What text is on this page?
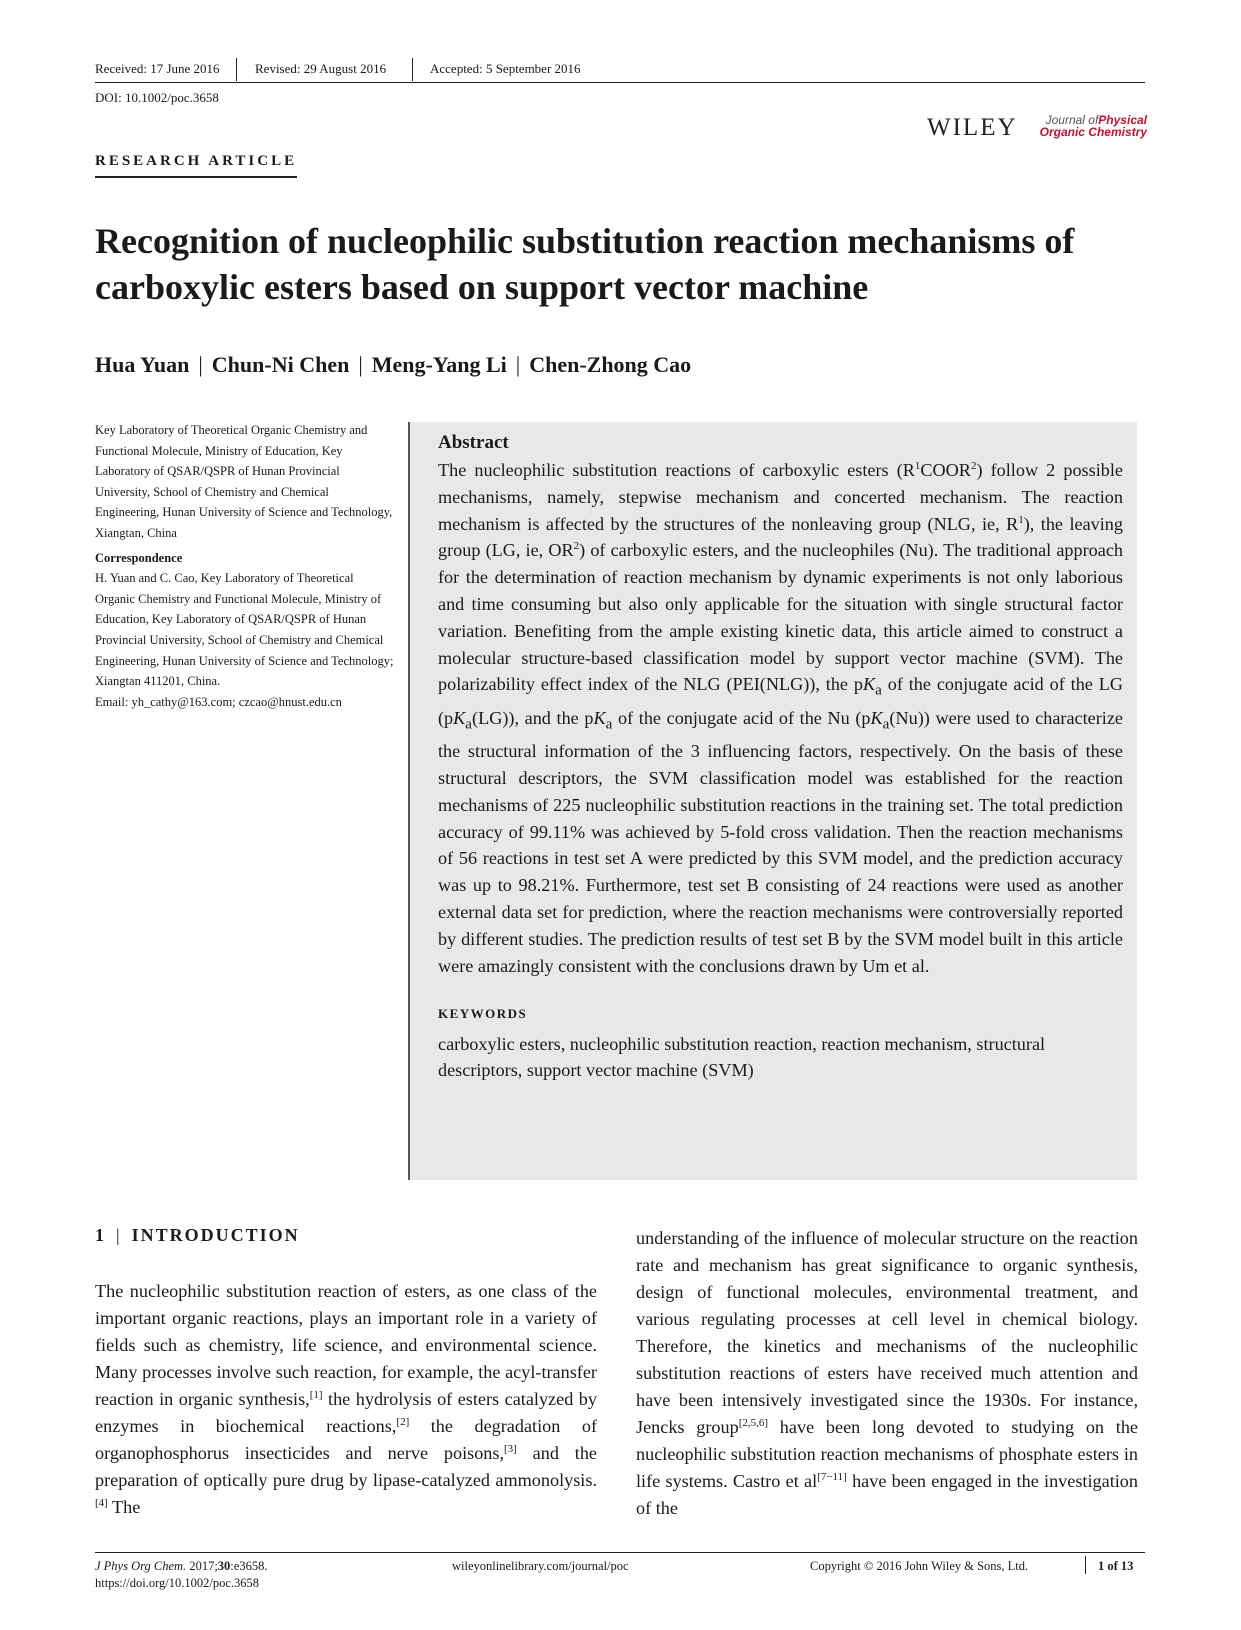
Received: 17 June 2016	Revised: 29 August 2016	Accepted: 5 September 2016
DOI: 10.1002/poc.3658
WILEY	Journal ofPhysical
Organic Chemistry
RESEARCH ARTICLE
Recognition of nucleophilic substitution reaction mechanisms of carboxylic esters based on support vector machine
Hua Yuan | Chun-Ni Chen | Meng-Yang Li | Chen-Zhong Cao

Key Laboratory of Theoretical Organic Chemistry and Functional Molecule, Ministry of Education, Key Laboratory of QSAR/QSPR of Hunan Provincial University, School of Chemistry and Chemical Engineering, Hunan University of Science and Technology, Xiangtan, China

Correspondence

H. Yuan and C. Cao, Key Laboratory of Theoretical Organic Chemistry and Functional Molecule, Ministry of Education, Key Laboratory of QSAR/QSPR of Hunan Provincial University, School of Chemistry and Chemical Engineering, Hunan University of Science and Technology; Xiangtan 411201, China.

Email: yh_cathy@163.com; czcao@hnust.edu.cn

Abstract

The nucleophilic substitution reactions of carboxylic esters $(R^1COOR^2)$ follow 2 possible mechanisms, namely, stepwise mechanism and concerted mechanism. The reaction mechanism is affected by the structures of the nonleaving group (NLG, ie, $R^1$), the leaving group (LG, ie, $OR^2$) of carboxylic esters, and the nucleophiles (Nu). The traditional approach for the determination of reaction mechanism by dynamic experiments is not only laborious and time consuming but also only applicable for the situation with single structural factor variation. Benefiting from the ample existing kinetic data, this article aimed to construct a molecular structure-based classification model by support vector machine (SVM). The polarizability effect index of the NLG (PEI(NLG)), the $pK_a$ of the conjugate acid of the LG $(pK_a(LG))$, and the $pK_a$ of the conjugate acid of the Nu $(pK_a(Nu))$ were used to characterize the structural information of the 3 influencing factors, respectively. On the basis of these structural descriptors, the SVM classification model was established for the reaction mechanisms of 225 nucleophilic substitution reactions in the training set. The total prediction accuracy of 99.11% was achieved by 5-fold cross validation. Then the reaction mechanisms of 56 reactions in test set A were predicted by this SVM model, and the prediction accuracy was up to 98.21%. Furthermore, test set B consisting of 24 reactions were used as another external data set for prediction, where the reaction mechanisms were controversially reported by different studies. The prediction results of test set B by the SVM model built in this article were amazingly consistent with the conclusions drawn by Um et al.

KEYWORDS
carboxylic esters, nucleophilic substitution reaction, reaction mechanism, structural descriptors, support vector machine (SVM)
1 | INTRODUCTION
The nucleophilic substitution reaction of esters, as one class of the important organic reactions, plays an important role in a variety of fields such as chemistry, life science, and environmental science. Many processes involve such reaction, for example, the acyl-transfer reaction in organic synthesis,[1] the hydrolysis of esters catalyzed by enzymes in biochemical reactions,[2] the degradation of organophosphorus insecticides and nerve poisons,[3] and the preparation of optically pure drug by lipase-catalyzed ammonolysis.[4] The
understanding of the influence of molecular structure on the reaction rate and mechanism has great significance to organic synthesis, design of functional molecules, environmental treatment, and various regulating processes at cell level in chemical biology. Therefore, the kinetics and mechanisms of the nucleophilic substitution reactions of esters have received much attention and have been intensively investigated since the 1930s. For instance, Jencks group[2,5,6] have been long devoted to studying on the nucleophilic substitution reaction mechanisms of phosphate esters in life systems. Castro et al[7−11] have been engaged in the investigation of the
J Phys Org Chem. 2017;30:e3658.
https://doi.org/10.1002/poc.3658
wileyonlinelibrary.com/journal/poc	Copyright © 2016 John Wiley & Sons, Ltd.	1 of 13
